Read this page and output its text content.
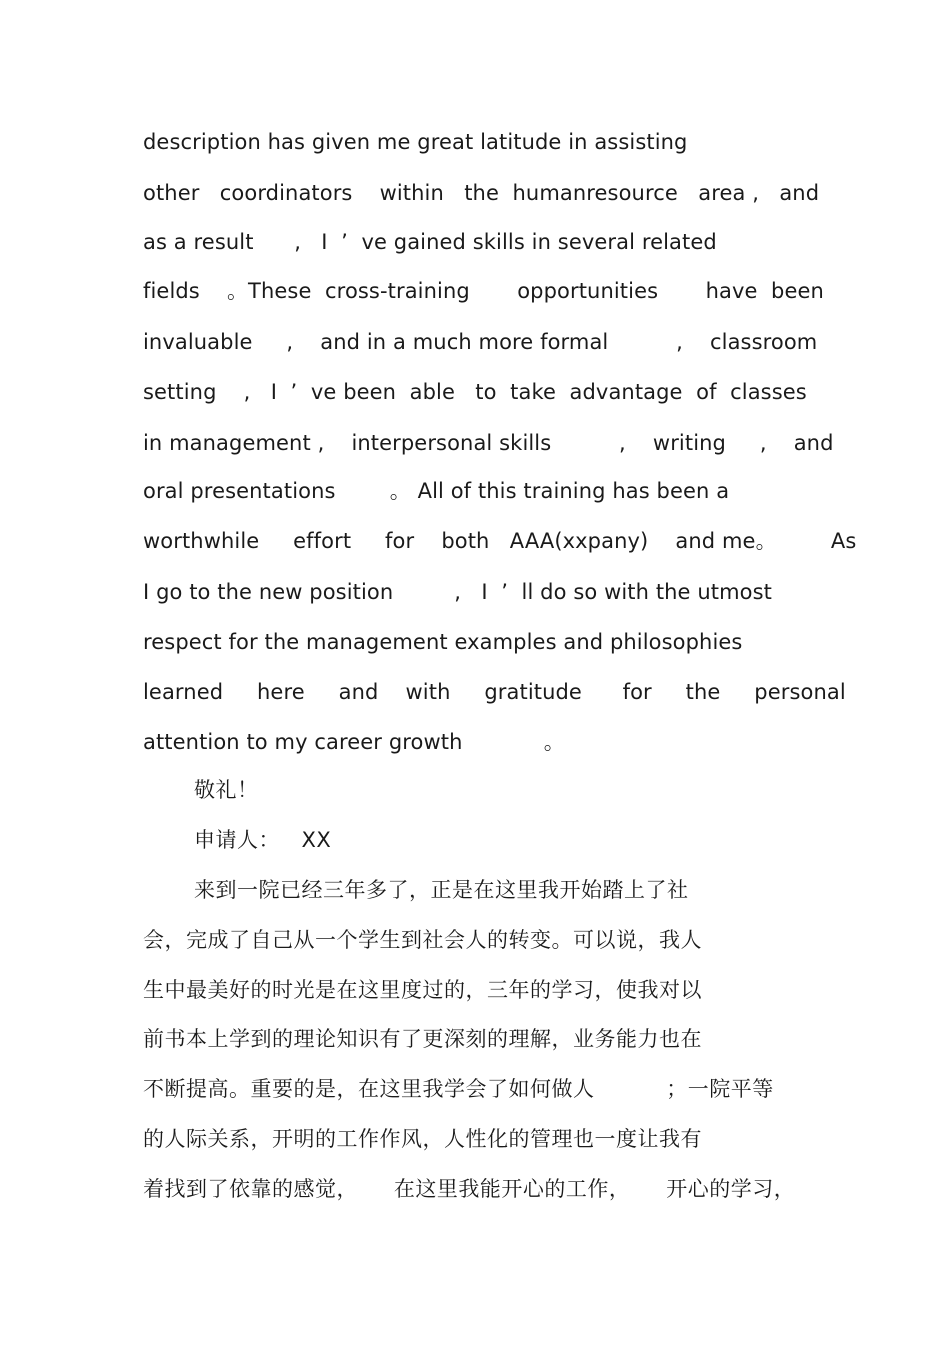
description has given me great latitude in assisting
other   coordinators    within   the  humanresource   area ,   and
as a result      ,   I  ’  ve gained skills in several related
fields    。These  cross-training       opportunities       have  been
invaluable     ,    and in a much more formal          ,    classroom
setting    ,   I  ’  ve been  able   to  take  advantage  of  classes
in management ,    interpersonal skills          ,    writing     ,    and
oral presentations        。 All of this training has been a
worthwhile     effort     for    both   AAA(xxpany)    and me。        As
I go to the new position         ,   I  ’  ll do so with the utmost
respect for the management examples and philosophies
learned     here     and    with     gratitude      for     the     personal
attention to my career growth            。
敬礼！
申请人：   XX
来到一院已经三年多了，正是在这里我开始踏上了社
会，完成了自己从一个学生到社会人的转变。可以说，我人
生中最美好的时光是在这里度过的，三年的学习，使我对以
前书本上学到的理论知识有了更深刻的理解，业务能力也在
不断提高。重要的是，在这里我学会了如何做人          ；一院平等
的人际关系，开明的工作作风，人性化的管理也一度让我有
着找到了依靠的感觉，     在这里我能开心的工作，     开心的学习，
